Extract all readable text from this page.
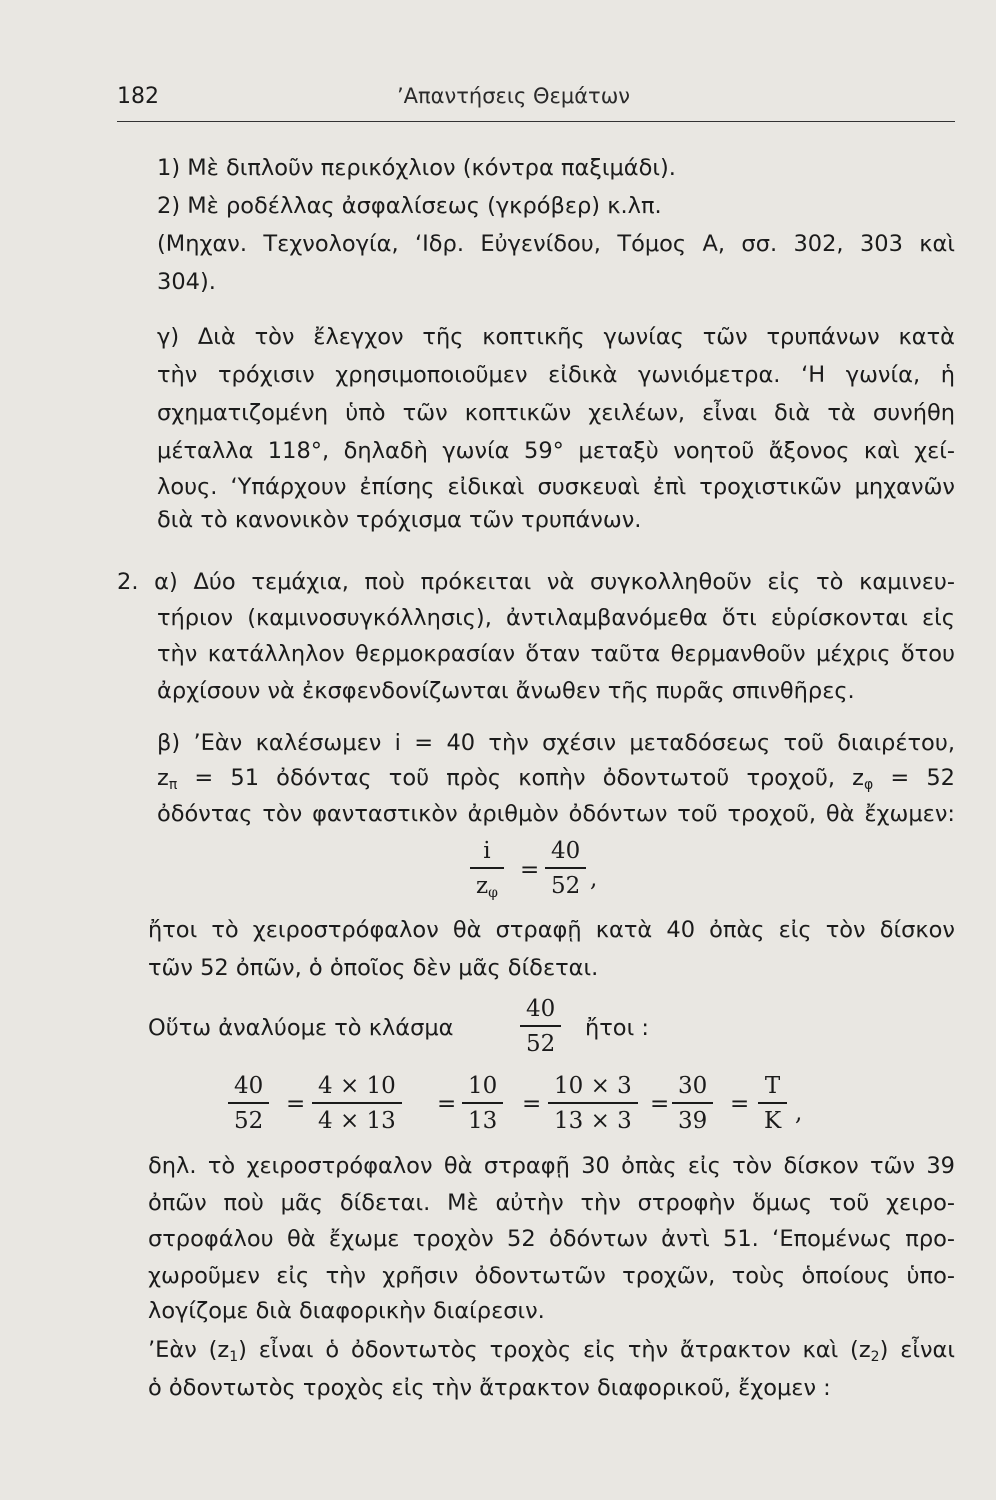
182	’Απαντήσεις Θεμάτων
1) Μὲ διπλοῦν περικόχλιον (κόντρα παξιμάδι).
2) Μὲ ροδέλλας ἀσφαλίσεως (γκρόβερ) κ.λπ.
(Μηχαν. Τεχνολογία, ‘Ιδρ. Εὐγενίδου, Τόμος Α, σσ. 302, 303 καὶ
304).
γ) Διὰ τὸν ἔλεγχον τῆς κοπτικῆς γωνίας τῶν τρυπάνων κατὰ
τὴν τρόχισιν χρησιμοποιοῦμεν εἰδικὰ γωνιόμετρα. ‘Η γωνία, ἡ
σχηματιζομένη ὑπὸ τῶν κοπτικῶν χειλέων, εἶναι διὰ τὰ συνήθη
μέταλλα 118°, δηλαδὴ γωνία 59° μεταξὺ νοητοῦ ἄξονος καὶ χεί-
λους. ‘Υπάρχουν ἐπίσης εἰδικαὶ συσκευαὶ ἐπὶ τροχιστικῶν μηχανῶν
διὰ τὸ κανονικὸν τρόχισμα τῶν τρυπάνων.
2. α) Δύο τεμάχια, ποὺ πρόκειται νὰ συγκολληθοῦν εἰς τὸ καμινευ-
τήριον (καμινοσυγκόλλησις), ἀντιλαμβανόμεθα ὅτι εὑρίσκονται εἰς
τὴν κατάλληλον θερμοκρασίαν ὅταν ταῦτα θερμανθοῦν μέχρις ὅτου
ἀρχίσουν νὰ ἐκσφενδονίζωνται ἄνωθεν τῆς πυρᾶς σπινθῆρες.
β) ’Εὰν καλέσωμεν i = 40 τὴν σχέσιν μεταδόσεως τοῦ διαιρέτου,
$z_\pi = 51$ ὀδόντας τοῦ πρὸς κοπὴν ὀδοντωτοῦ τροχοῦ, $z_\varphi = 52$
ὀδόντας τὸν φανταστικὸν ἀριθμὸν ὀδόντων τοῦ τροχοῦ, θὰ ἔχωμεν:
i
$z_\varphi$
=
40
52 ,
ἤτοι τὸ χειροστρόφαλον θὰ στραφῇ κατὰ 40 ὀπὰς εἰς τὸν δίσκον
τῶν 52 ὀπῶν, ὁ ὁποῖος δὲν μᾶς δίδεται.
Οὕτω ἀναλύομε τὸ κλάσμα
40
52
ἤτοι :
40
52
=
4 × 10
4 × 13
=
10
13
=
10 × 3
13 × 3
=
30
39
=
T
K ,
δηλ. τὸ χειροστρόφαλον θὰ στραφῇ 30 ὀπὰς εἰς τὸν δίσκον τῶν 39
ὀπῶν ποὺ μᾶς δίδεται. Μὲ αὐτὴν τὴν στροφὴν ὅμως τοῦ χειρο-
στροφάλου θὰ ἔχωμε τροχὸν 52 ὀδόντων ἀντὶ 51. ‘Επομένως προ-
χωροῦμεν εἰς τὴν χρῆσιν ὀδοντωτῶν τροχῶν, τοὺς ὁποίους ὑπο-
λογίζομε διὰ διαφορικὴν διαίρεσιν.
’Εὰν $(z_1)$ εἶναι ὁ ὀδοντωτὸς τροχὸς εἰς τὴν ἄτρακτον καὶ $(z_2)$ εἶναι
ὁ ὀδοντωτὸς τροχὸς εἰς τὴν ἄτρακτον διαφορικοῦ, ἔχομεν :
